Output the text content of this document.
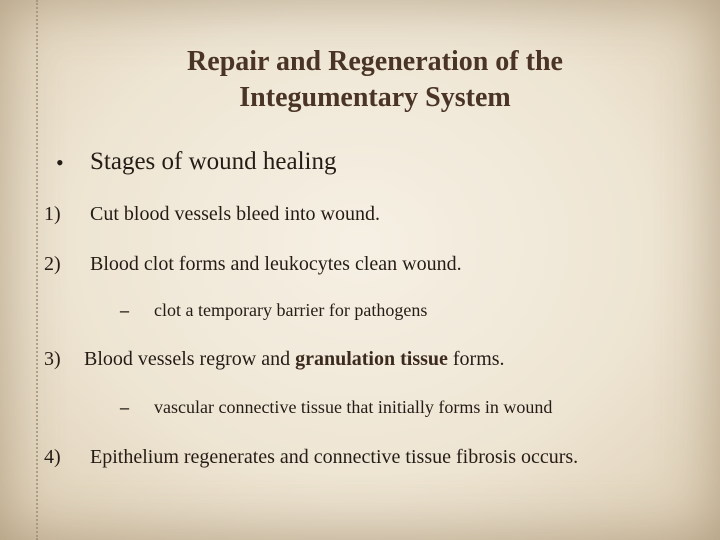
Repair and Regeneration of the
Integumentary System
• Stages of wound healing
1) Cut blood vessels bleed into wound.
2) Blood clot forms and leukocytes clean wound.
– clot a temporary barrier for pathogens
3) Blood vessels regrow and granulation tissue forms.
– vascular connective tissue that initially forms in wound
4) Epithelium regenerates and connective tissue fibrosis occurs.
